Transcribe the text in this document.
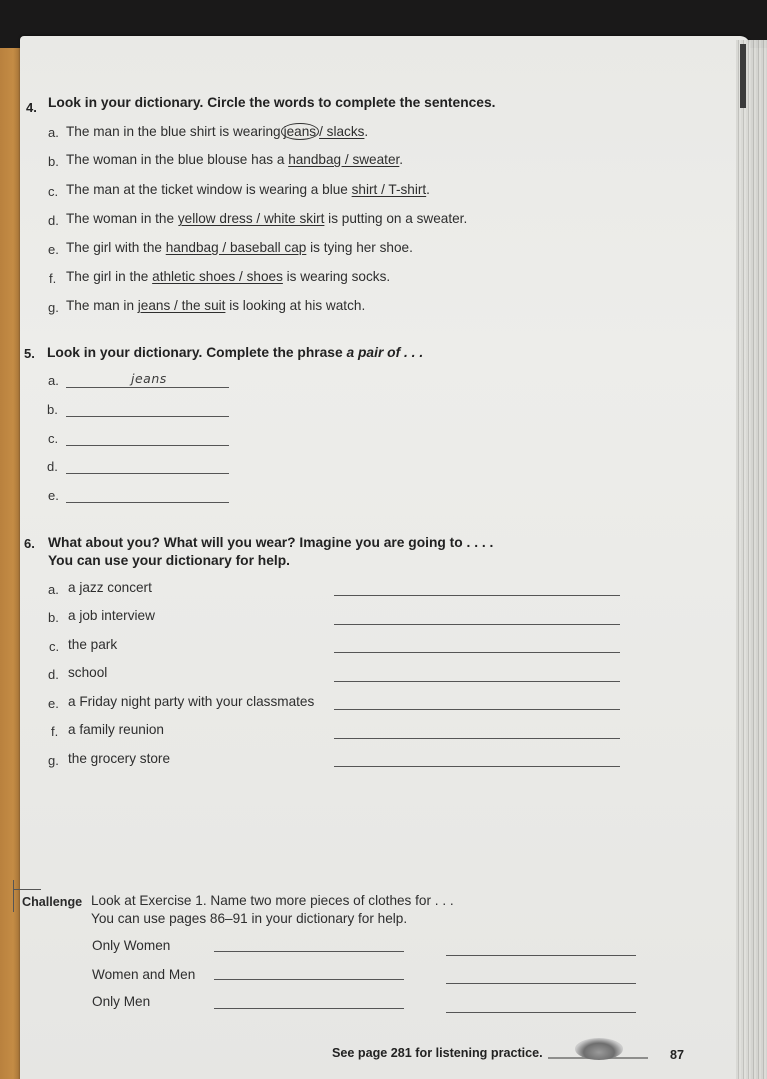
4. Look in your dictionary. Circle the words to complete the sentences.
a. The man in the blue shirt is wearing jeans / slacks.
b. The woman in the blue blouse has a handbag / sweater.
c. The man at the ticket window is wearing a blue shirt / T-shirt.
d. The woman in the yellow dress / white skirt is putting on a sweater.
e. The girl with the handbag / baseball cap is tying her shoe.
f. The girl in the athletic shoes / shoes is wearing socks.
g. The man in jeans / the suit is looking at his watch.
5. Look in your dictionary. Complete the phrase a pair of . . .
a.	jeans
b.
c.
d.
e.
6. What about you? What will you wear? Imagine you are going to . . . .
You can use your dictionary for help.
a. a jazz concert
b. a job interview
c. the park
d. school
e. a Friday night party with your classmates
f. a family reunion
g. the grocery store
Challenge Look at Exercise 1. Name two more pieces of clothes for . . .
You can use pages 86–91 in your dictionary for help.
Only Women
Women and Men
Only Men
See page 281 for listening practice.	87
